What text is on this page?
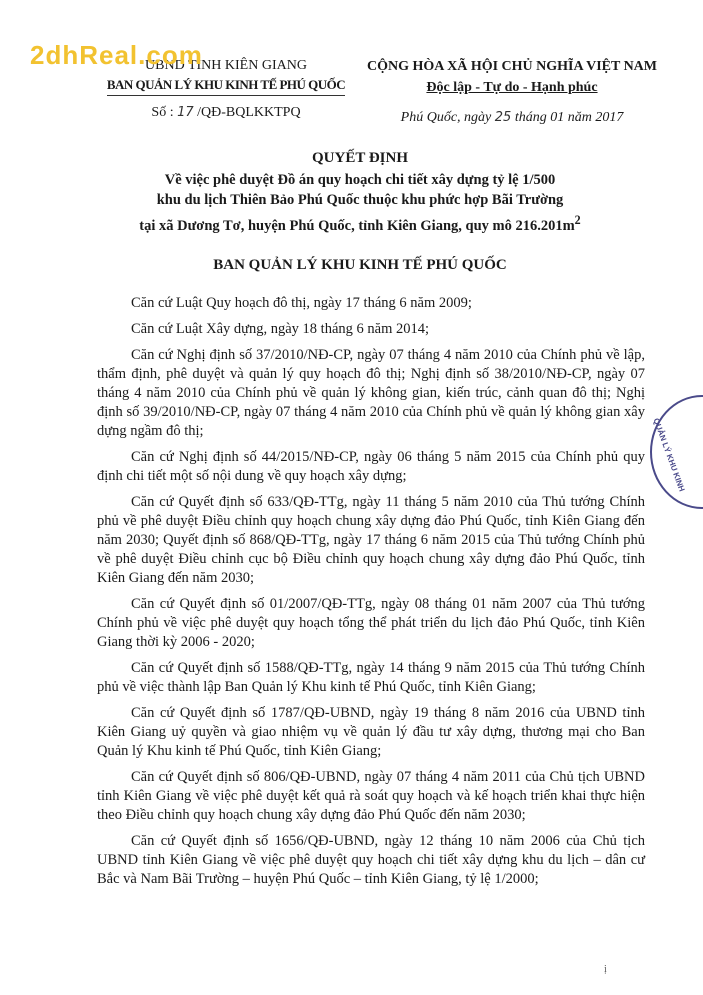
2dhReal.com
UBND TỈNH KIÊN GIANG
BAN QUẢN LÝ KHU KINH TẾ PHÚ QUỐC
Số : 17 /QĐ-BQLKKTPQ
CỘNG HÒA XÃ HỘI CHỦ NGHĨA VIỆT NAM
Độc lập - Tự do - Hạnh phúc
Phú Quốc, ngày 25 tháng 01 năm 2017
QUYẾT ĐỊNH
Về việc phê duyệt Đồ án quy hoạch chi tiết xây dựng tỷ lệ 1/500
khu du lịch Thiên Bảo Phú Quốc thuộc khu phức hợp Bãi Trường
tại xã Dương Tơ, huyện Phú Quốc, tỉnh Kiên Giang, quy mô $216.201m^2$
BAN QUẢN LÝ KHU KINH TẾ PHÚ QUỐC

Căn cứ Luật Quy hoạch đô thị, ngày 17 tháng 6 năm 2009;

Căn cứ Luật Xây dựng, ngày 18 tháng 6 năm 2014;

Căn cứ Nghị định số 37/2010/NĐ-CP, ngày 07 tháng 4 năm 2010 của Chính phủ về lập, thẩm định, phê duyệt và quản lý quy hoạch đô thị; Nghị định số 38/2010/NĐ-CP, ngày 07 tháng 4 năm 2010 của Chính phủ về quản lý không gian, kiến trúc, cảnh quan đô thị; Nghị định số 39/2010/NĐ-CP, ngày 07 tháng 4 năm 2010 của Chính phủ về quản lý không gian xây dựng ngầm đô thị;

Căn cứ Nghị định số 44/2015/NĐ-CP, ngày 06 tháng 5 năm 2015 của Chính phủ quy định chi tiết một số nội dung về quy hoạch xây dựng;

Căn cứ Quyết định số 633/QĐ-TTg, ngày 11 tháng 5 năm 2010 của Thủ tướng Chính phủ về phê duyệt Điều chỉnh quy hoạch chung xây dựng đảo Phú Quốc, tỉnh Kiên Giang đến năm 2030; Quyết định số 868/QĐ-TTg, ngày 17 tháng 6 năm 2015 của Thủ tướng Chính phủ về phê duyệt Điều chỉnh cục bộ Điều chỉnh quy hoạch chung xây dựng đảo Phú Quốc, tỉnh Kiên Giang đến năm 2030;

Căn cứ Quyết định số 01/2007/QĐ-TTg, ngày 08 tháng 01 năm 2007 của Thủ tướng Chính phủ về việc phê duyệt quy hoạch tổng thể phát triển du lịch đảo Phú Quốc, tỉnh Kiên Giang thời kỳ 2006 - 2020;

Căn cứ Quyết định số 1588/QĐ-TTg, ngày 14 tháng 9 năm 2015 của Thủ tướng Chính phủ về việc thành lập Ban Quản lý Khu kinh tế Phú Quốc, tỉnh Kiên Giang;

Căn cứ Quyết định số 1787/QĐ-UBND, ngày 19 tháng 8 năm 2016 của UBND tỉnh Kiên Giang uỷ quyền và giao nhiệm vụ về quản lý đầu tư xây dựng, thương mại cho Ban Quản lý Khu kinh tế Phú Quốc, tỉnh Kiên Giang;

Căn cứ Quyết định số 806/QĐ-UBND, ngày 07 tháng 4 năm 2011 của Chủ tịch UBND tỉnh Kiên Giang về việc phê duyệt kết quả rà soát quy hoạch và kế hoạch triển khai thực hiện theo Điều chỉnh quy hoạch chung xây dựng đảo Phú Quốc đến năm 2030;

Căn cứ Quyết định số 1656/QĐ-UBND, ngày 12 tháng 10 năm 2006 của Chủ tịch UBND tỉnh Kiên Giang về việc phê duyệt quy hoạch chi tiết xây dựng khu du lịch – dân cư Bắc và Nam Bãi Trường – huyện Phú Quốc – tỉnh Kiên Giang, tỷ lệ 1/2000;

QUẢN LÝ KHU KINH
ị
